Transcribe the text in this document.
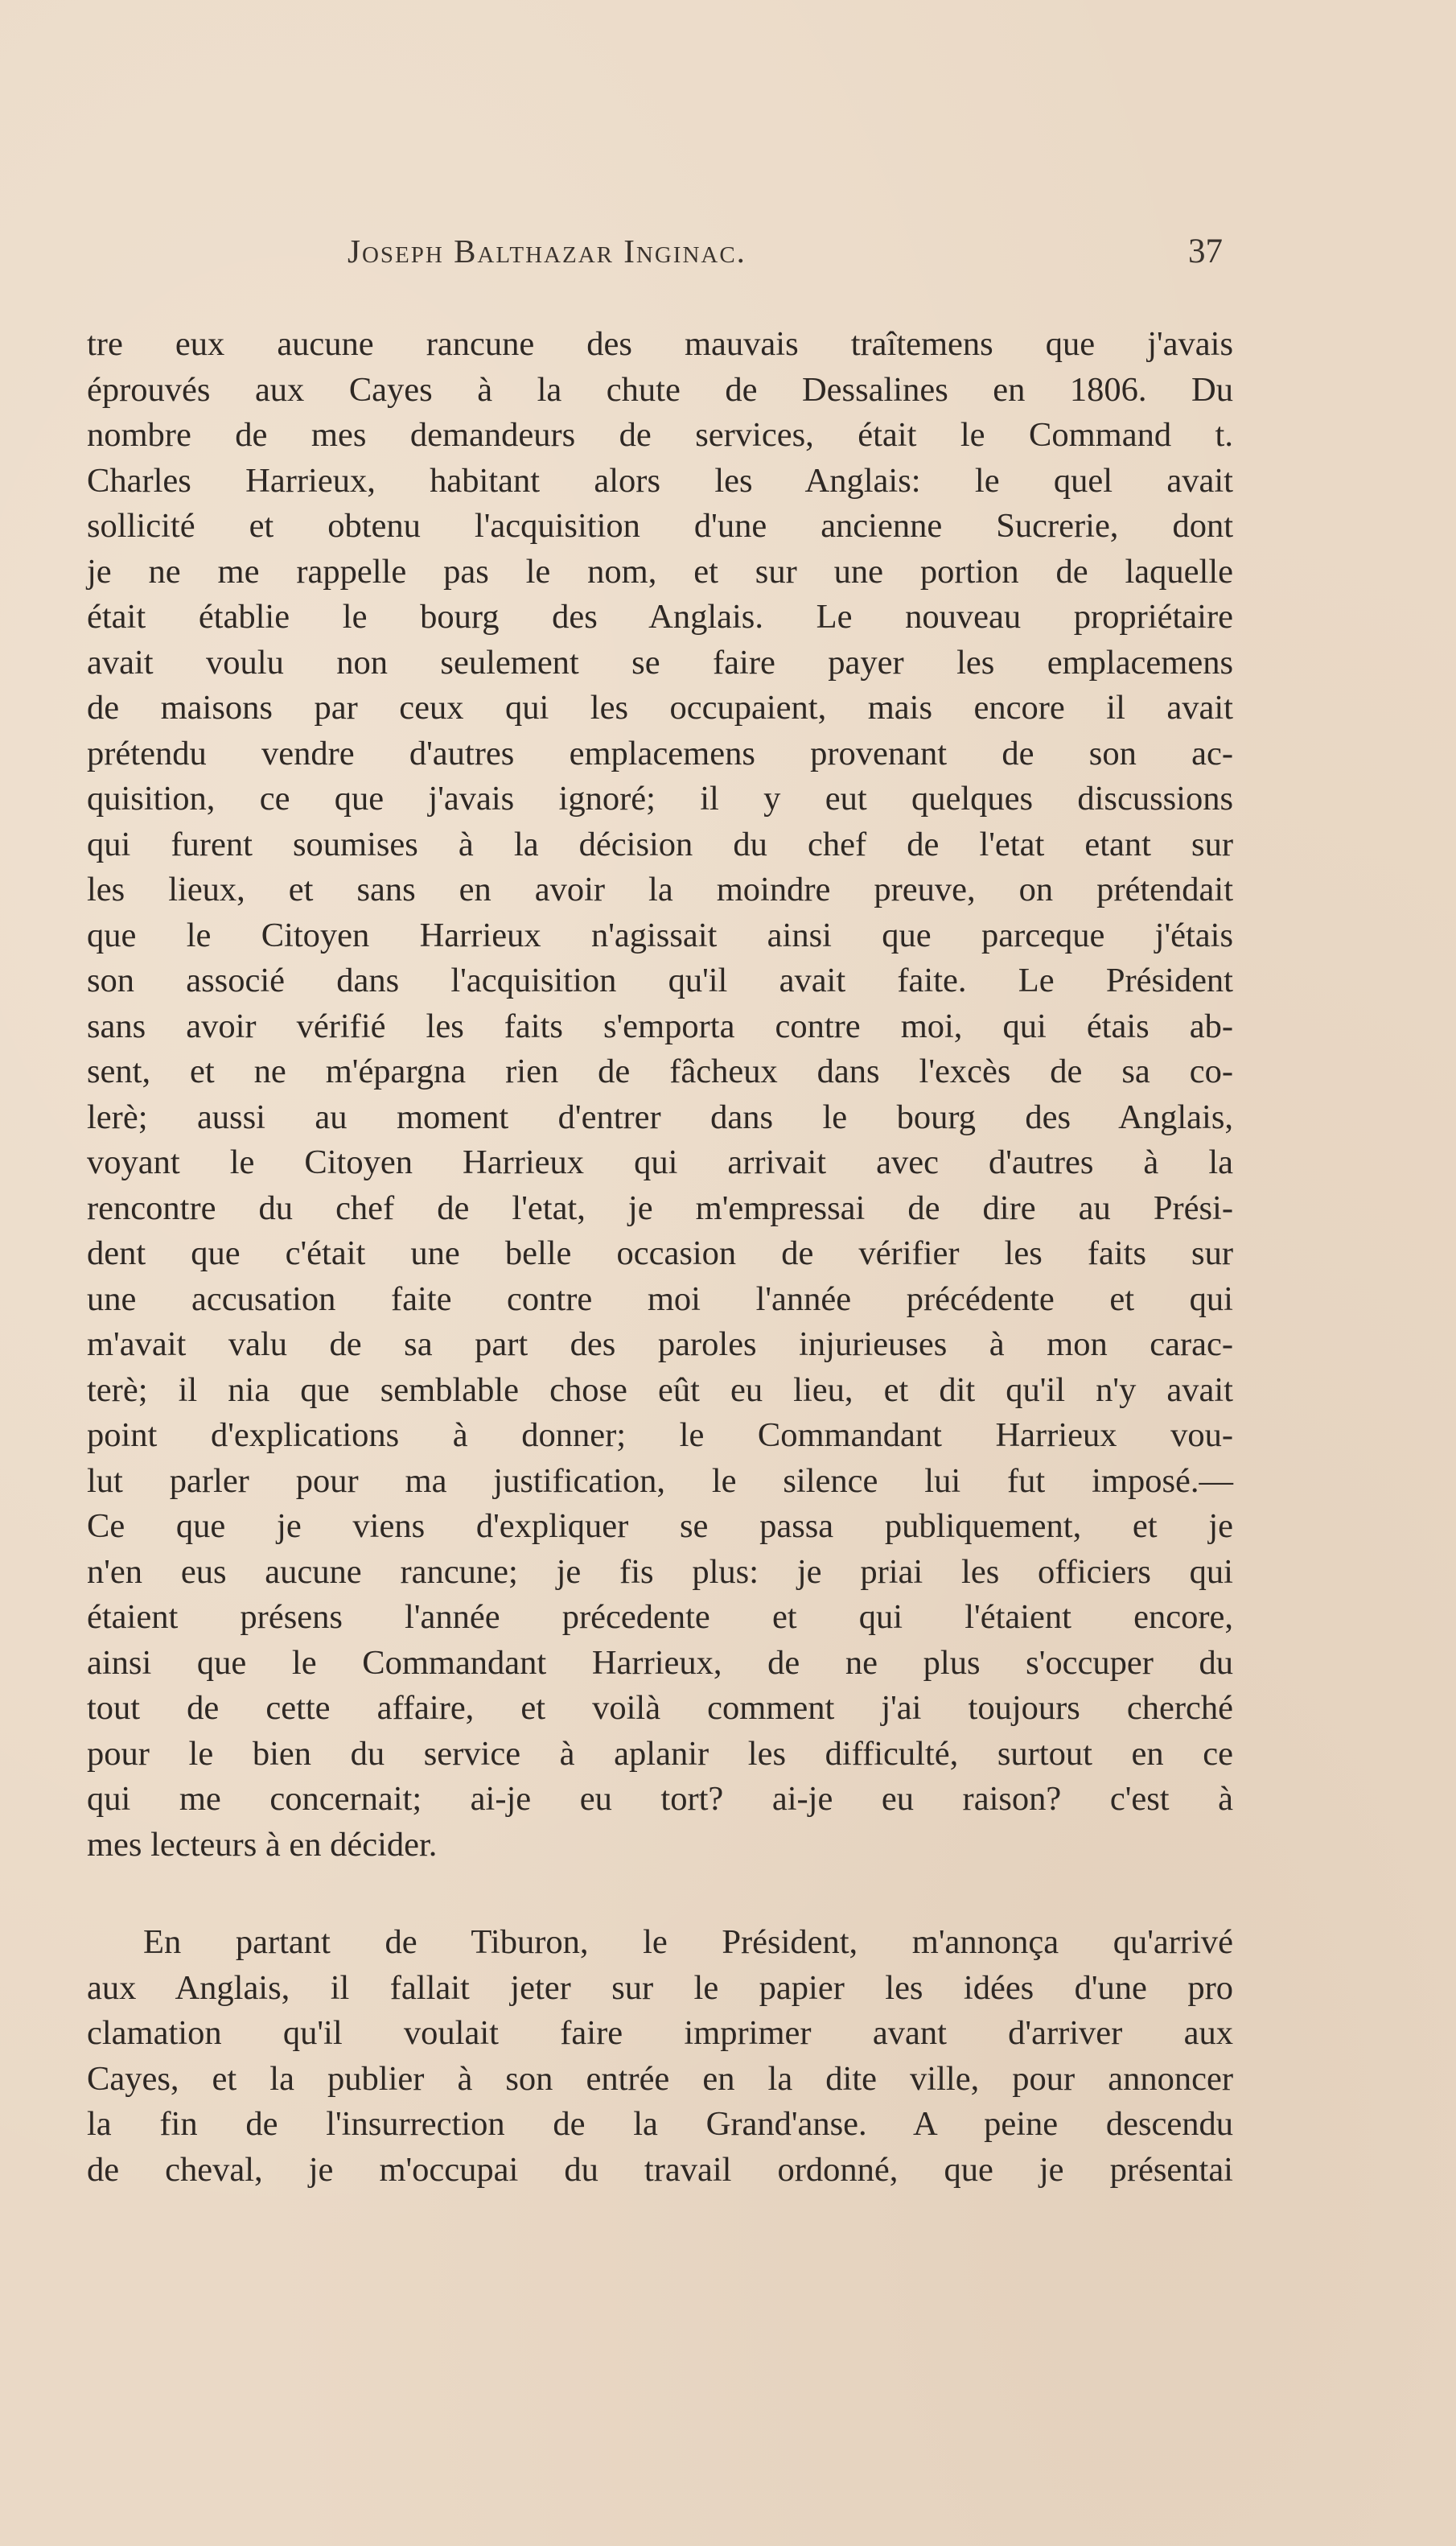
Joseph Balthazar Inginac.	37
tre eux aucune rancune des mauvais traîtemens que j'avais
éprouvés aux Cayes à la chute de Dessalines en 1806. Du
nombre de mes demandeurs de services, était le Command t.
Charles Harrieux, habitant alors les Anglais: le quel avait
sollicité et obtenu l'acquisition d'une ancienne Sucrerie, dont
je ne me rappelle pas le nom, et sur une portion de laquelle
était établie le bourg des Anglais. Le nouveau propriétaire
avait voulu non seulement se faire payer les emplacemens
de maisons par ceux qui les occupaient, mais encore il avait
prétendu vendre d'autres emplacemens provenant de son ac-
quisition, ce que j'avais ignoré; il y eut quelques discussions
qui furent soumises à la décision du chef de l'etat etant sur
les lieux, et sans en avoir la moindre preuve, on prétendait
que le Citoyen Harrieux n'agissait ainsi que parceque j'étais
son associé dans l'acquisition qu'il avait faite. Le Président
sans avoir vérifié les faits s'emporta contre moi, qui étais ab-
sent, et ne m'épargna rien de fâcheux dans l'excès de sa co-
lerè; aussi au moment d'entrer dans le bourg des Anglais,
voyant le Citoyen Harrieux qui arrivait avec d'autres à la
rencontre du chef de l'etat, je m'empressai de dire au Prési-
dent que c'était une belle occasion de vérifier les faits sur
une accusation faite contre moi l'année précédente et qui
m'avait valu de sa part des paroles injurieuses à mon carac-
terè; il nia que semblable chose eût eu lieu, et dit qu'il n'y avait
point d'explications à donner; le Commandant Harrieux vou-
lut parler pour ma justification, le silence lui fut imposé.—
Ce que je viens d'expliquer se passa publiquement, et je
n'en eus aucune rancune; je fis plus: je priai les officiers qui
étaient présens l'année précedente et qui l'étaient encore,
ainsi que le Commandant Harrieux, de ne plus s'occuper du
tout de cette affaire, et voilà comment j'ai toujours cherché
pour le bien du service à aplanir les difficulté, surtout en ce
qui me concernait; ai-je eu tort? ai-je eu raison? c'est à
mes lecteurs à en décider.
En partant de Tiburon, le Président, m'annonça qu'arrivé
aux Anglais, il fallait jeter sur le papier les idées d'une pro
clamation qu'il voulait faire imprimer avant d'arriver aux
Cayes, et la publier à son entrée en la dite ville, pour annoncer
la fin de l'insurrection de la Grand'anse. A peine descendu
de cheval, je m'occupai du travail ordonné, que je présentai
